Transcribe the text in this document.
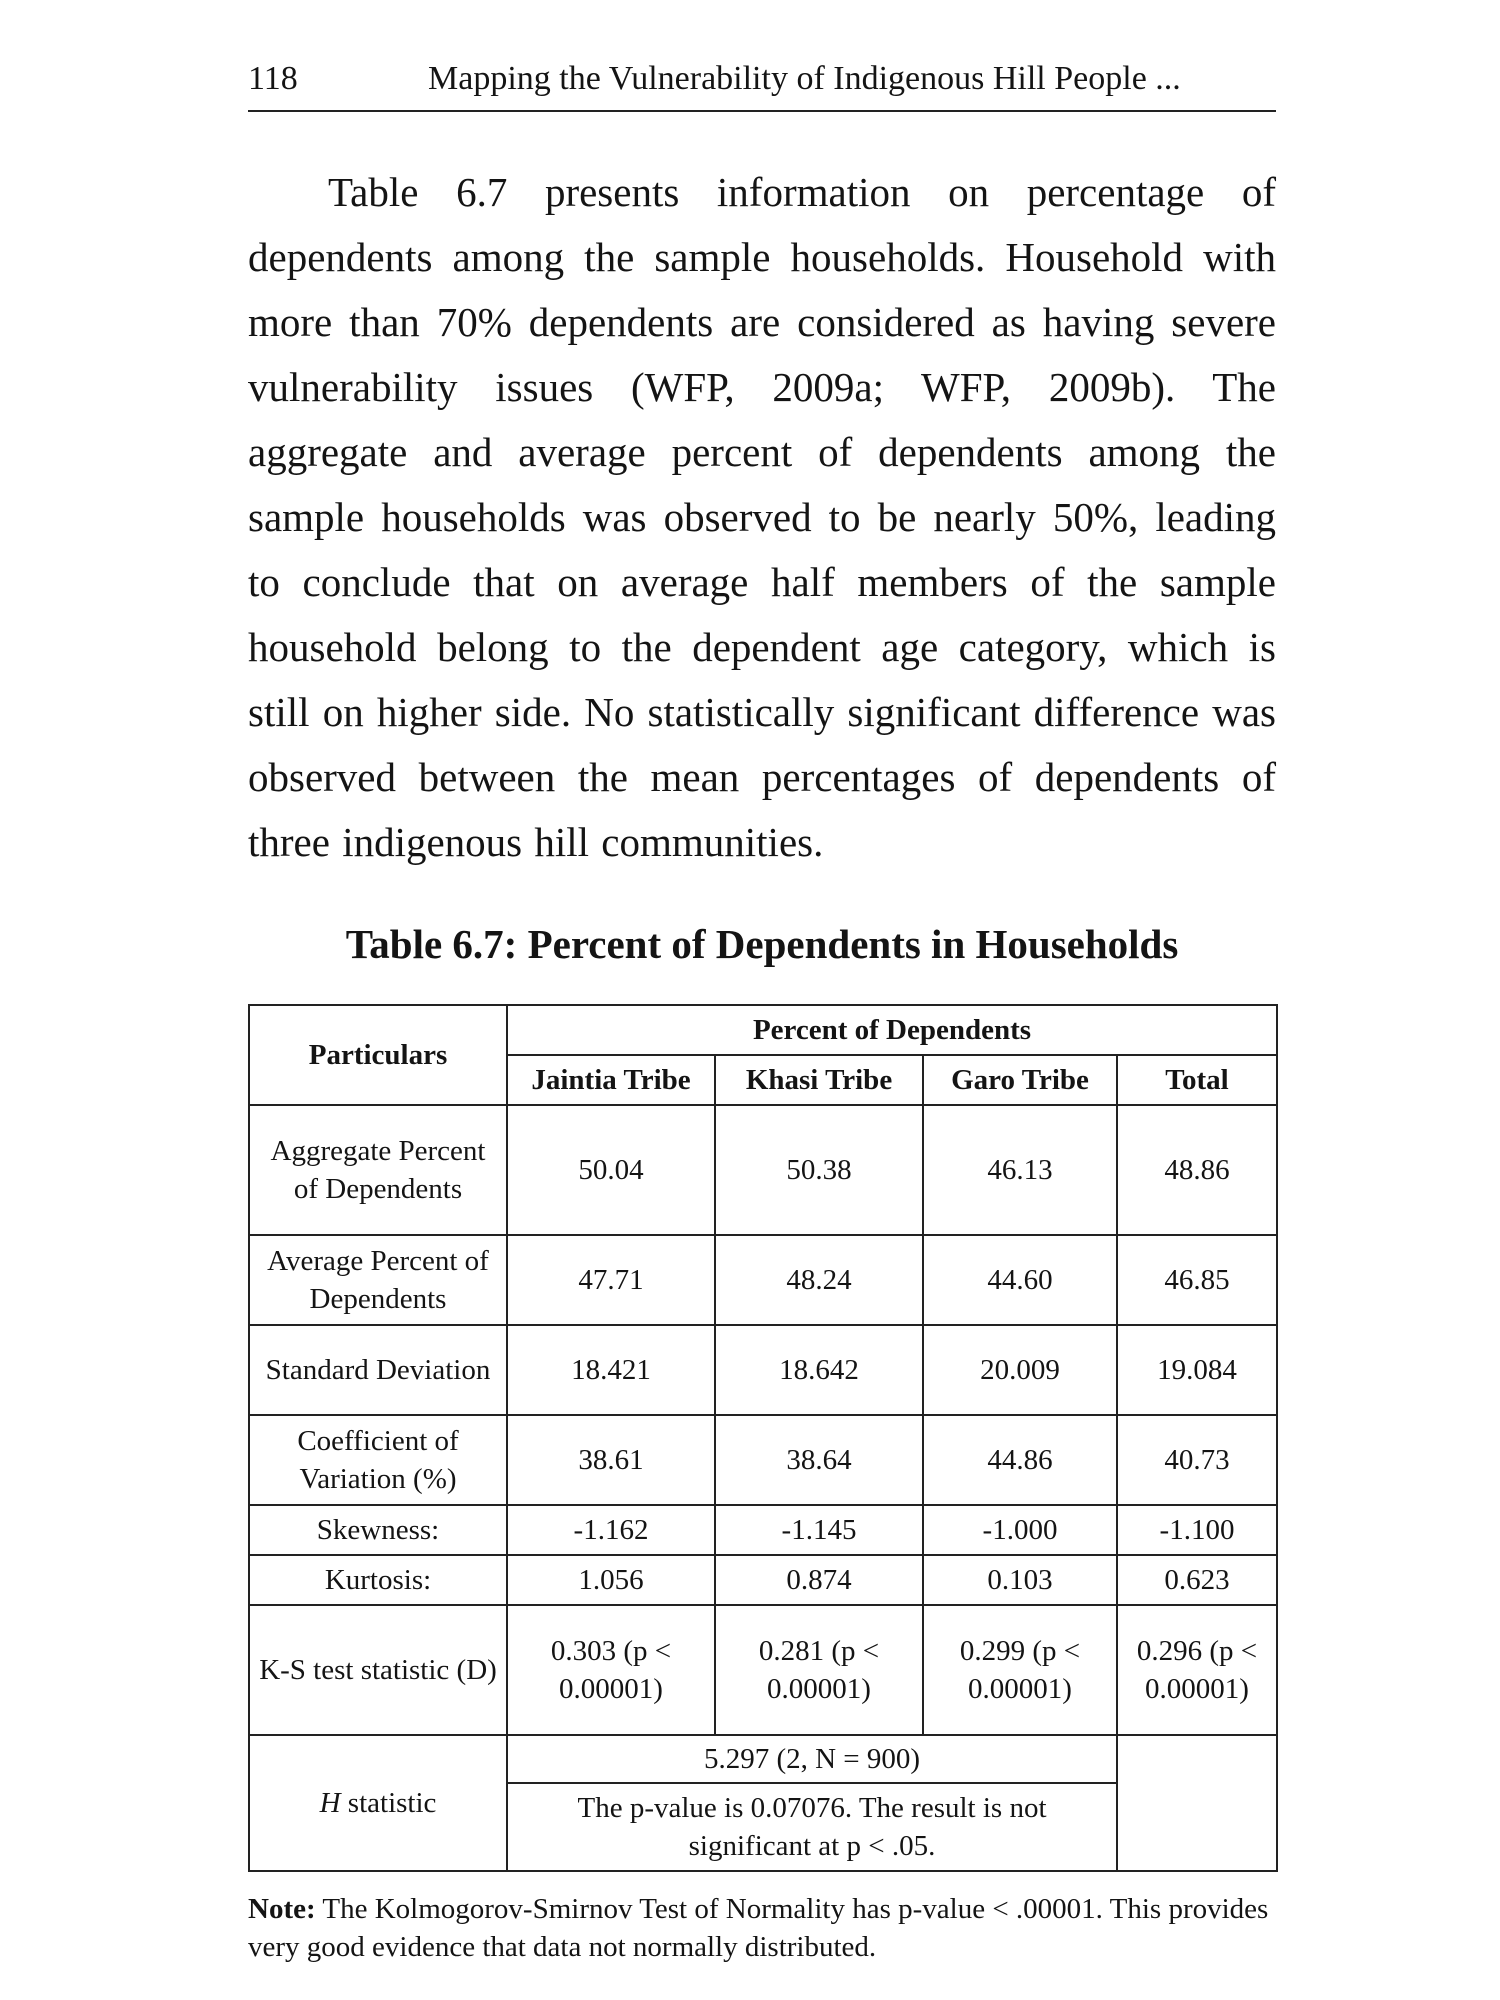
118	Mapping the Vulnerability of Indigenous Hill People ...

Table 6.7 presents information on percentage of dependents among the sample households. Household with more than 70% dependents are considered as having severe vulnerability issues (WFP, 2009a; WFP, 2009b). The aggregate and average percent of dependents among the sample households was observed to be nearly 50%, leading to conclude that on average half members of the sample household belong to the dependent age category, which is still on higher side. No statistically significant difference was observed between the mean percentages of dependents of three indigenous hill communities.

Table 6.7: Percent of Dependents in Households
Particulars	Percent of Dependents			
	Jaintia Tribe	Khasi Tribe	Garo Tribe	Total
Aggregate Percent of Dependents	50.04	50.38	46.13	48.86
Average Percent of Dependents	47.71	48.24	44.60	46.85
Standard Deviation	18.421	18.642	20.009	19.084
Coefficient of Variation (%)	38.61	38.64	44.86	40.73
Skewness:	-1.162	-1.145	-1.000	-1.100
Kurtosis:	1.056	0.874	0.103	0.623
K-S test statistic (D)	0.303 (p < 0.00001)	0.281 (p < 0.00001)	0.299 (p < 0.00001)	0.296 (p < 0.00001)
H statistic	5.297 (2, N = 900)			
	The p-value is 0.07076. The result is not significant at p < .05.			
Note: The Kolmogorov-Smirnov Test of Normality has p-value < .00001. This provides very good evidence that data not normally distributed.
